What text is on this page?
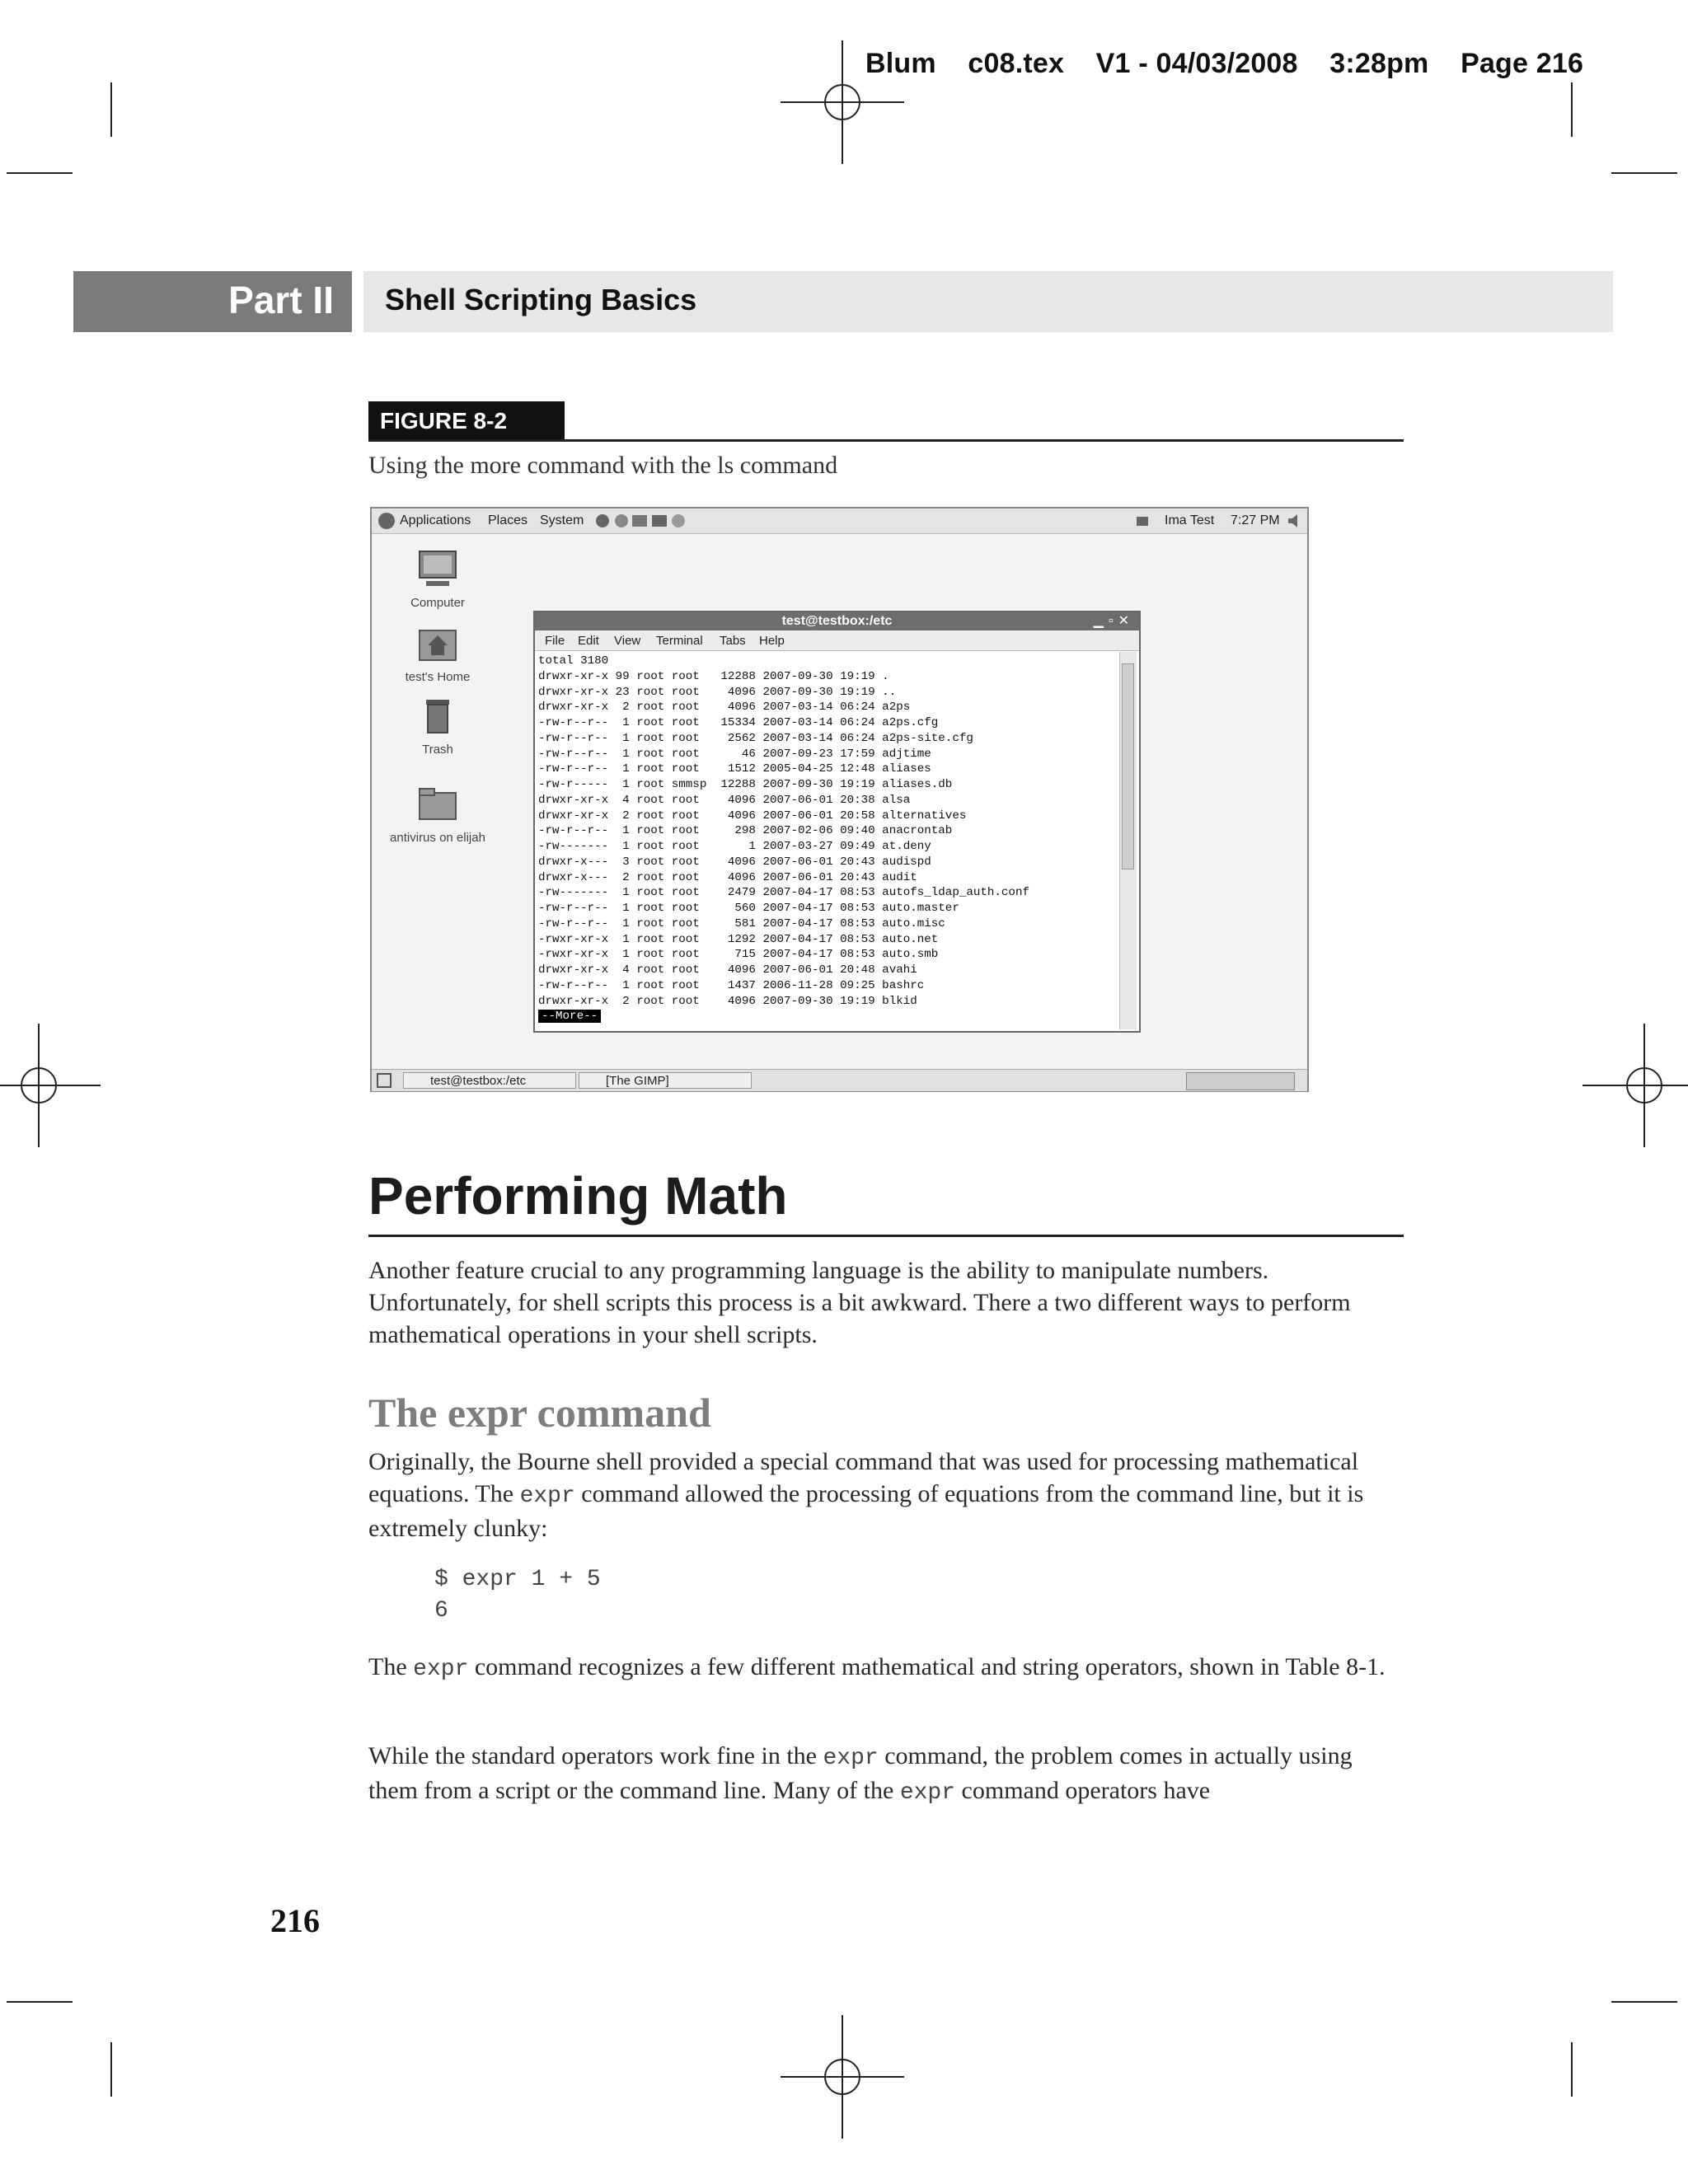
Blum    c08.tex    V1 - 04/03/2008    3:28pm    Page 216
Part II Shell Scripting Basics
FIGURE 8-2
Using the more command with the ls command
Applications Places System	Ima Test 7:27 PM
Computer
test's Home
Trash
antivirus on elijah
test@testbox:/etc	▁▫✕
File Edit View Terminal Tabs Help
total 3180
drwxr-xr-x 99 root root   12288 2007-09-30 19:19 .
drwxr-xr-x 23 root root    4096 2007-09-30 19:19 ..
drwxr-xr-x  2 root root    4096 2007-03-14 06:24 a2ps
-rw-r--r--  1 root root   15334 2007-03-14 06:24 a2ps.cfg
-rw-r--r--  1 root root    2562 2007-03-14 06:24 a2ps-site.cfg
-rw-r--r--  1 root root      46 2007-09-23 17:59 adjtime
-rw-r--r--  1 root root    1512 2005-04-25 12:48 aliases
-rw-r-----  1 root smmsp  12288 2007-09-30 19:19 aliases.db
drwxr-xr-x  4 root root    4096 2007-06-01 20:38 alsa
drwxr-xr-x  2 root root    4096 2007-06-01 20:58 alternatives
-rw-r--r--  1 root root     298 2007-02-06 09:40 anacrontab
-rw-------  1 root root       1 2007-03-27 09:49 at.deny
drwxr-x---  3 root root    4096 2007-06-01 20:43 audispd
drwxr-x---  2 root root    4096 2007-06-01 20:43 audit
-rw-------  1 root root    2479 2007-04-17 08:53 autofs_ldap_auth.conf
-rw-r--r--  1 root root     560 2007-04-17 08:53 auto.master
-rw-r--r--  1 root root     581 2007-04-17 08:53 auto.misc
-rwxr-xr-x  1 root root    1292 2007-04-17 08:53 auto.net
-rwxr-xr-x  1 root root     715 2007-04-17 08:53 auto.smb
drwxr-xr-x  4 root root    4096 2007-06-01 20:48 avahi
-rw-r--r--  1 root root    1437 2006-11-28 09:25 bashrc
drwxr-xr-x  2 root root    4096 2007-09-30 19:19 blkid
--More--
test@testbox:/etc	[The GIMP]
Performing Math

Another feature crucial to any programming language is the ability to manipulate numbers. Unfortunately, for shell scripts this process is a bit awkward. There a two different ways to perform mathematical operations in your shell scripts.

The expr command

Originally, the Bourne shell provided a special command that was used for processing mathematical equations. The expr command allowed the processing of equations from the command line, but it is extremely clunky:

$ expr 1 + 5
6

The expr command recognizes a few different mathematical and string operators, shown in Table 8-1.

While the standard operators work fine in the expr command, the problem comes in actually using them from a script or the command line. Many of the expr command operators have

216
